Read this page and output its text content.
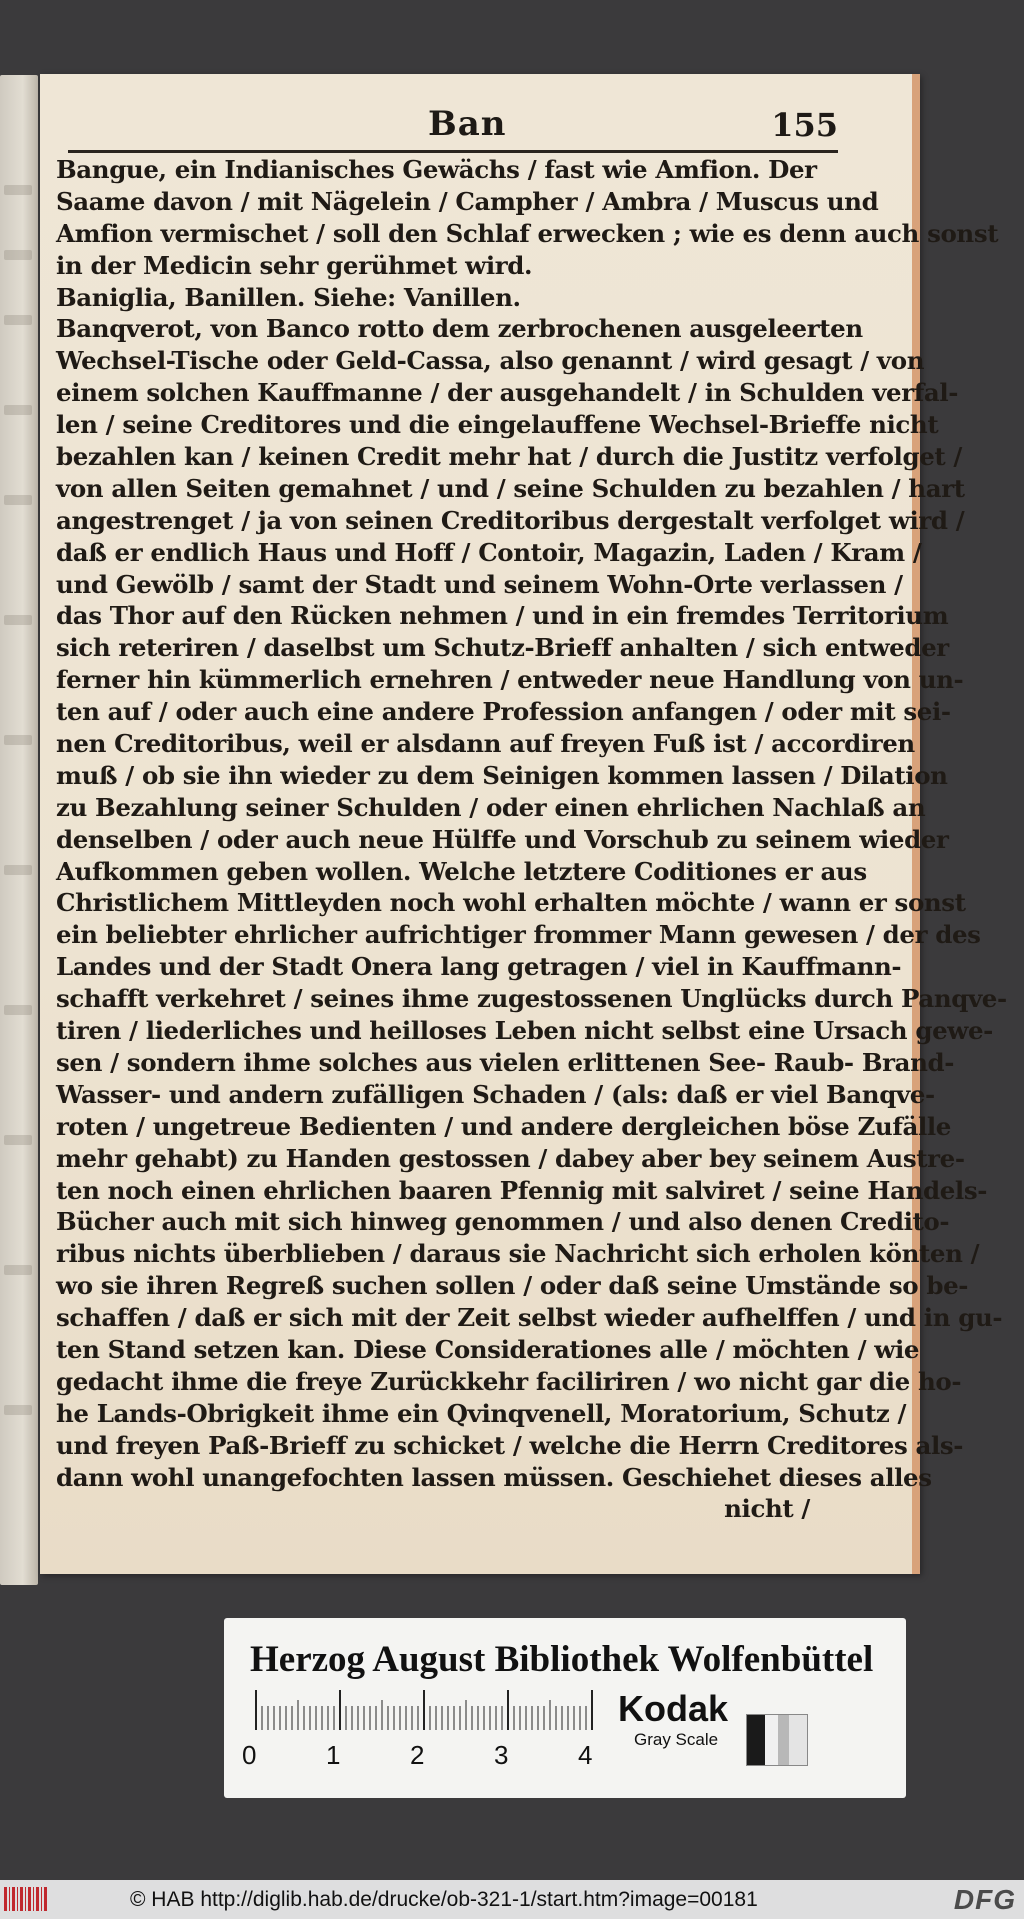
Ban	155
Bangue, ein Indianisches Gewächs / fast wie Amfion. Der
Saame davon / mit Nägelein / Campher / Ambra / Muscus und
Amfion vermischet / soll den Schlaf erwecken ; wie es denn auch sonst
in der Medicin sehr gerühmet wird.
Baniglia, Banillen. Siehe: Vanillen.
Banqverot, von Banco rotto dem zerbrochenen ausgeleerten
Wechsel-Tische oder Geld-Cassa, also genannt / wird gesagt / von
einem solchen Kauffmanne / der ausgehandelt / in Schulden verfal-
len / seine Creditores und die eingelauffene Wechsel-Brieffe nicht
bezahlen kan / keinen Credit mehr hat / durch die Justitz verfolget /
von allen Seiten gemahnet / und / seine Schulden zu bezahlen / hart
angestrenget / ja von seinen Creditoribus dergestalt verfolget wird /
daß er endlich Haus und Hoff / Contoir, Magazin, Laden / Kram /
und Gewölb / samt der Stadt und seinem Wohn-Orte verlassen /
das Thor auf den Rücken nehmen / und in ein fremdes Territorium
sich reteriren / daselbst um Schutz-Brieff anhalten / sich entweder
ferner hin kümmerlich ernehren / entweder neue Handlung von un-
ten auf / oder auch eine andere Profession anfangen / oder mit sei-
nen Creditoribus, weil er alsdann auf freyen Fuß ist / accordiren
muß / ob sie ihn wieder zu dem Seinigen kommen lassen / Dilation
zu Bezahlung seiner Schulden / oder einen ehrlichen Nachlaß an
denselben / oder auch neue Hülffe und Vorschub zu seinem wieder
Aufkommen geben wollen. Welche letztere Coditiones er aus
Christlichem Mittleyden noch wohl erhalten möchte / wann er sonst
ein beliebter ehrlicher aufrichtiger frommer Mann gewesen / der des
Landes und der Stadt Onera lang getragen / viel in Kauffmann-
schafft verkehret / seines ihme zugestossenen Unglücks durch Panqve-
tiren / liederliches und heilloses Leben nicht selbst eine Ursach gewe-
sen / sondern ihme solches aus vielen erlittenen See- Raub- Brand-
Wasser- und andern zufälligen Schaden / (als: daß er viel Banqve-
roten / ungetreue Bedienten / und andere dergleichen böse Zufälle
mehr gehabt) zu Handen gestossen / dabey aber bey seinem Austre-
ten noch einen ehrlichen baaren Pfennig mit salviret / seine Handels-
Bücher auch mit sich hinweg genommen / und also denen Credito-
ribus nichts überblieben / daraus sie Nachricht sich erholen könten /
wo sie ihren Regreß suchen sollen / oder daß seine Umstände so be-
schaffen / daß er sich mit der Zeit selbst wieder aufhelffen / und in gu-
ten Stand setzen kan. Diese Considerationes alle / möchten / wie
gedacht ihme die freye Zurückkehr faciliriren / wo nicht gar die ho-
he Lands-Obrigkeit ihme ein Qvinqvenell, Moratorium, Schutz /
und freyen Paß-Brieff zu schicket / welche die Herrn Creditores als-
dann wohl unangefochten lassen müssen. Geschiehet dieses alles
nicht /
Herzog August Bibliothek Wolfenbüttel
0	1	2	3	4
Kodak
Gray Scale
© HAB http://diglib.hab.de/drucke/ob-321-1/start.htm?image=00181	DFG
